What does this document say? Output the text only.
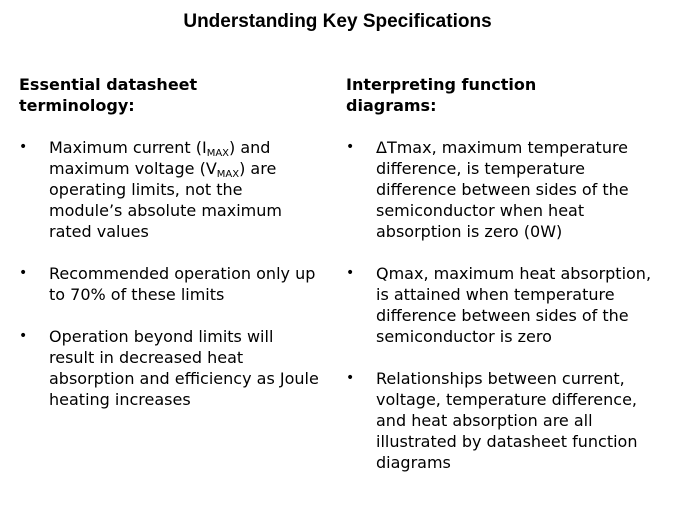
Understanding Key Specifications
Essential datasheet
terminology:
• Maximum current $(I_{MAX})$ and maximum voltage $(V_{MAX})$ are operating limits, not the module’s absolute maximum rated values
• Recommended operation only up to 70% of these limits
• Operation beyond limits will result in decreased heat absorption and efficiency as Joule heating increases
Interpreting function
diagrams:
• ΔTmax, maximum temperature difference, is temperature difference between sides of the semiconductor when heat absorption is zero (0W)
• Qmax, maximum heat absorption, is attained when temperature difference between sides of the semiconductor is zero
• Relationships between current, voltage, temperature difference, and heat absorption are all illustrated by datasheet function diagrams
